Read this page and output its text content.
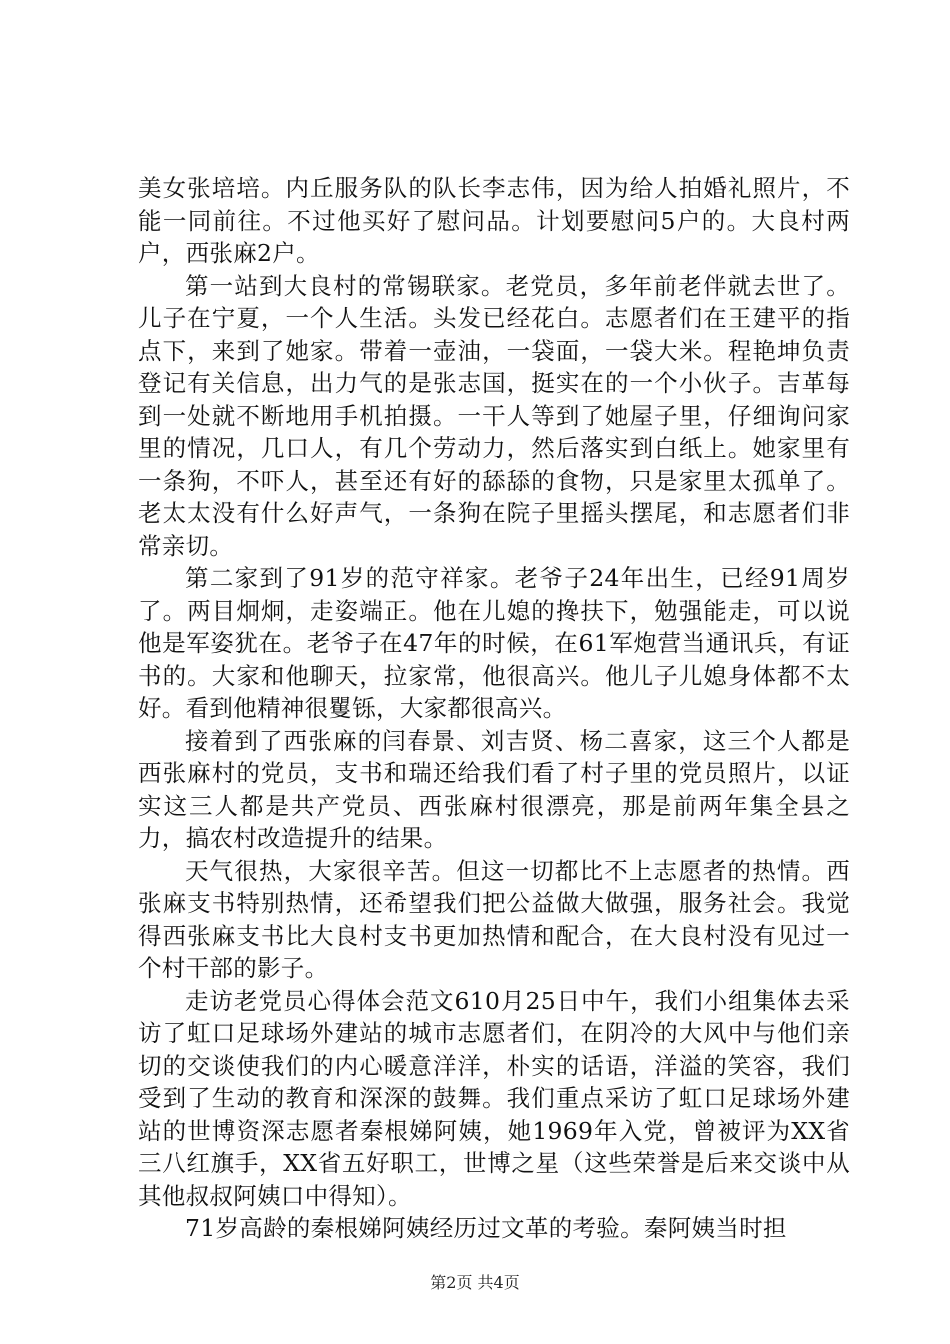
美女张培培。内丘服务队的队长李志伟，因为给人拍婚礼照片，不能一同前往。不过他买好了慰问品。计划要慰问5户的。大良村两户，西张麻2户。

第一站到大良村的常锡联家。老党员，多年前老伴就去世了。儿子在宁夏，一个人生活。头发已经花白。志愿者们在王建平的指点下，来到了她家。带着一壶油，一袋面，一袋大米。程艳坤负责登记有关信息，出力气的是张志国，挺实在的一个小伙子。吉革每到一处就不断地用手机拍摄。一干人等到了她屋子里，仔细询问家里的情况，几口人，有几个劳动力，然后落实到白纸上。她家里有一条狗，不吓人，甚至还有好的舔舔的食物，只是家里太孤单了。老太太没有什么好声气，一条狗在院子里摇头摆尾，和志愿者们非常亲切。

第二家到了91岁的范守祥家。老爷子24年出生，已经91周岁了。两目炯炯，走姿端正。他在儿媳的搀扶下，勉强能走，可以说他是军姿犹在。老爷子在47年的时候，在61军炮营当通讯兵，有证书的。大家和他聊天，拉家常，他很高兴。他儿子儿媳身体都不太好。看到他精神很矍铄，大家都很高兴。

接着到了西张麻的闫春景、刘吉贤、杨二喜家，这三个人都是西张麻村的党员，支书和瑞还给我们看了村子里的党员照片，以证实这三人都是共产党员、西张麻村很漂亮，那是前两年集全县之力，搞农村改造提升的结果。

天气很热，大家很辛苦。但这一切都比不上志愿者的热情。西张麻支书特别热情，还希望我们把公益做大做强，服务社会。我觉得西张麻支书比大良村支书更加热情和配合，在大良村没有见过一个村干部的影子。

走访老党员心得体会范文610月25日中午，我们小组集体去采访了虹口足球场外建站的城市志愿者们，在阴冷的大风中与他们亲切的交谈使我们的内心暖意洋洋，朴实的话语，洋溢的笑容，我们受到了生动的教育和深深的鼓舞。我们重点采访了虹口足球场外建站的世博资深志愿者秦根娣阿姨，她1969年入党，曾被评为XX省三八红旗手，XX省五好职工，世博之星（这些荣誉是后来交谈中从其他叔叔阿姨口中得知）。

71岁高龄的秦根娣阿姨经历过文革的考验。秦阿姨当时担

第2页 共4页
